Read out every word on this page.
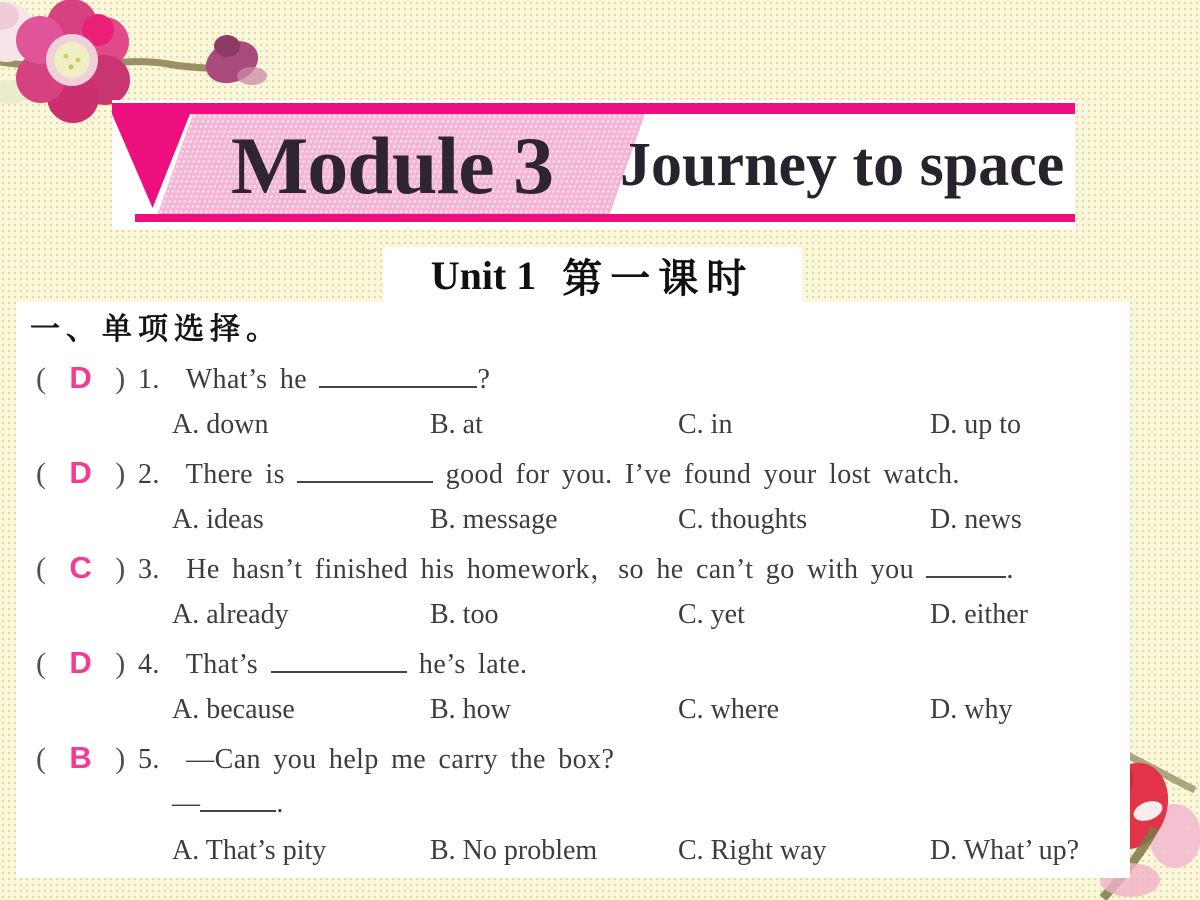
Module 3	Journey to space
Unit 1 第一课时
一、单项选择。
( D ) 1. What’s he	?
A. down	B. at	C. in	D. up to
( D ) 2. There is	good for you. I’ve found your lost watch.
A. ideas	B. message	C. thoughts	D. news
( C ) 3. He hasn’t finished his homework，so he can’t go with you	.
A. already	B. too	C. yet	D. either
( D ) 4. That’s	he’s late.
A. because	B. how	C. where	D. why
( B ) 5. —Can you help me carry the box?
—	.
A. That’s pity	B. No problem	C. Right way	D. What’ up?
